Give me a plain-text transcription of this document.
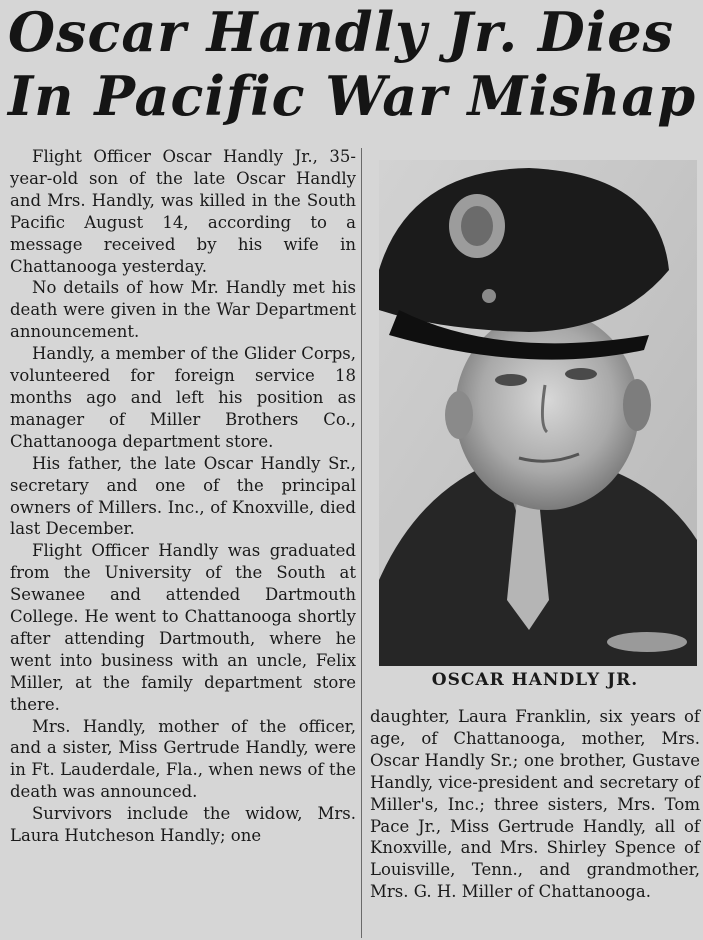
Oscar Handly Jr. Dies
In Pacific War Mishap

Flight Officer Oscar Handly Jr., 35-year-old son of the late Oscar Handly and Mrs. Handly, was killed in the South Pacific August 14, according to a message received by his wife in Chattanooga yesterday.

No details of how Mr. Handly met his death were given in the War Department announcement.

Handly, a member of the Glider Corps, volunteered for foreign service 18 months ago and left his position as manager of Miller Brothers Co., Chattanooga department store.

His father, the late Oscar Handly Sr., secretary and one of the principal owners of Millers. Inc., of Knoxville, died last December.

Flight Officer Handly was graduated from the University of the South at Sewanee and attended Dartmouth College. He went to Chattanooga shortly after attending Dartmouth, where he went into business with an uncle, Felix Miller, at the family department store there.

Mrs. Handly, mother of the officer, and a sister, Miss Gertrude Handly, were in Ft. Lauderdale, Fla., when news of the death was announced.

Survivors include the widow, Mrs. Laura Hutcheson Handly; one

OSCAR HANDLY JR.

daughter, Laura Franklin, six years of age, of Chattanooga, mother, Mrs. Oscar Handly Sr.; one brother, Gustave Handly, vice-president and secretary of Miller's, Inc.; three sisters, Mrs. Tom Pace Jr., Miss Gertrude Handly, all of Knoxville, and Mrs. Shirley Spence of Louisville, Tenn., and grandmother, Mrs. G. H. Miller of Chattanooga.
